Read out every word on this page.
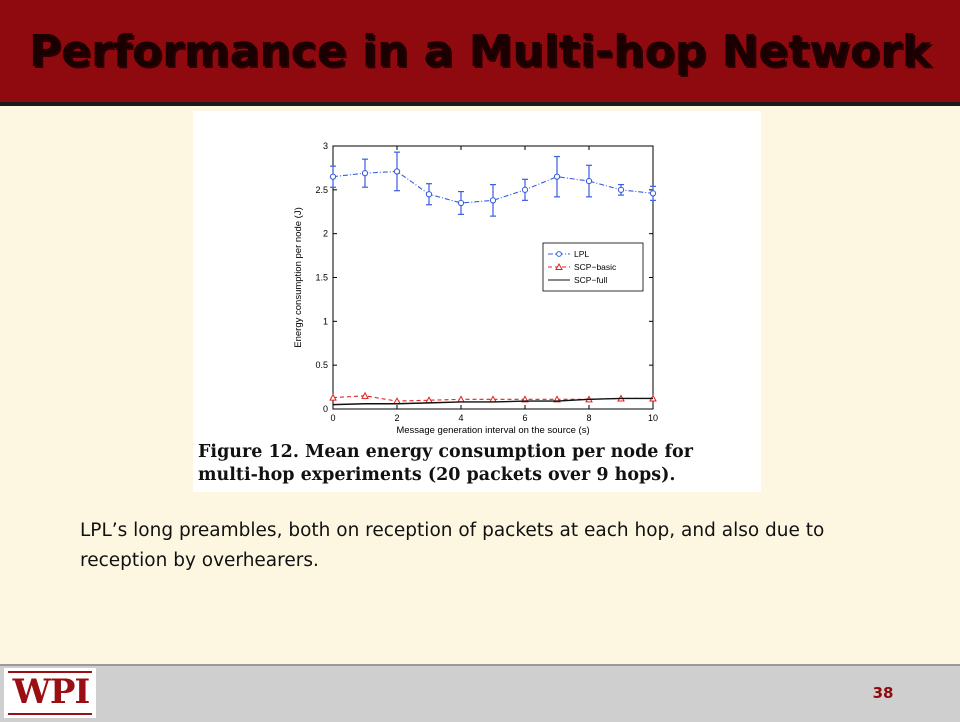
Performance in a Multi-hop Network
0	2	4	6	8	10
0
0.5
1
1.5
2
2.5
3
Message generation interval on the source (s)
Energy consumption per node (J)	LPL
SCP−basic
SCP−full
Figure 12. Mean energy consumption per node for multi-hop experiments (20 packets over 9 hops).
LPL’s long preambles, both on reception of packets at each hop, and also due to reception by overhearers.
WPI	38
